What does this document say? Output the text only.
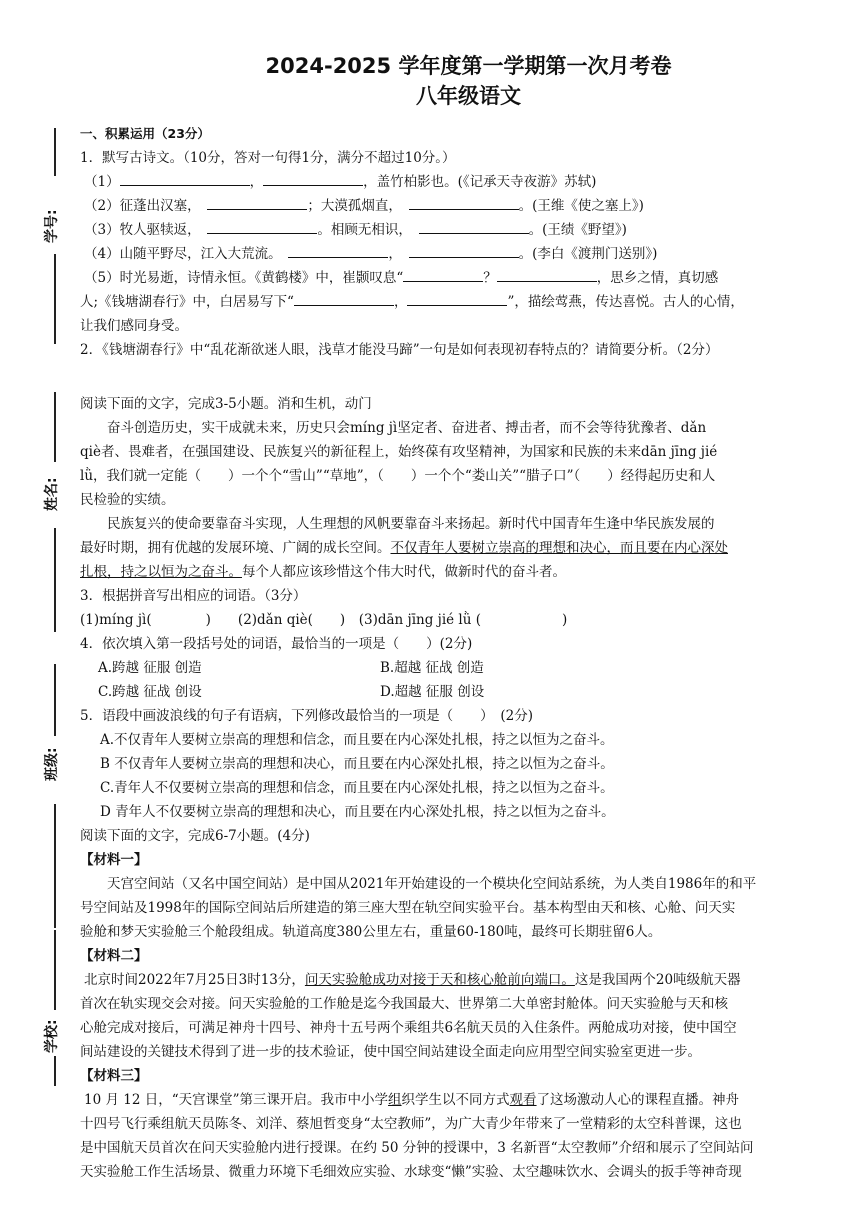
2024-2025 学年度第一学期第一次月考卷
八年级语文
学号:
姓名:
班级:
学校:
一、积累运用（23分）
1．默写古诗文。（10分，答对一句得1分，满分不超过10分。）
（1）	，	，盖竹柏影也。(《记承天寺夜游》苏轼)
（2）征蓬出汉塞，　	；大漠孤烟直，　	。(王维《使之塞上》)
（3）牧人驱犊返，　	。相顾无相识，　	。(王绩《野望》)
（4）山随平野尽，江入大荒流。　	，　	。(李白《渡荆门送别》)
（5）时光易逝，诗情永恒。《黄鹤楼》中，崔颢叹息“	？	，思乡之情，真切感
人;《钱塘湖春行》中，白居易写下“	，	”，描绘莺燕，传达喜悦。古人的心情，
让我们感同身受。
2．《钱塘湖春行》中“乱花渐欲迷人眼，浅草才能没马蹄”一句是如何表现初春特点的？请简要分析。（2分）
阅读下面的文字，完成3-5小题。消和生机，动门
奋斗创造历史，实干成就未来，历史只会míng jì坚定者、奋进者、搏击者，而不会等待犹豫者、dǎn
qiè者、畏难者，在强国建设、民族复兴的新征程上，始终葆有攻坚精神，为国家和民族的未来dān jīng jié
lǜ，我们就一定能（　　）一个个“雪山”“草地”，（　　）一个个“娄山关”“腊子口”（　　）经得起历史和人
民检验的实绩。
民族复兴的使命要靠奋斗实现，人生理想的风帆要靠奋斗来扬起。新时代中国青年生逢中华民族发展的
最好时期，拥有优越的发展环境、广阔的成长空间。不仅青年人要树立崇高的理想和决心，而且要在内心深处
扎根，持之以恒为之奋斗。每个人都应该珍惜这个伟大时代，做新时代的奋斗者。
3．根据拼音写出相应的词语。（3分）
(1)míng jì(　　　　)　　 (2)dǎn qiè(　　)　 (3)dān jīng jié lǜ (　　　　　　)
4．依次填入第一段括号处的词语，最恰当的一项是（　　）(2分)
A.跨越 征服 创造	B.超越 征战 创造
C.跨越 征战 创设	D.超越 征服 创设
5．语段中画波浪线的句子有语病，下列修改最恰当的一项是（　　）　(2分)
A.不仅青年人要树立崇高的理想和信念，而且要在内心深处扎根，持之以恒为之奋斗。
B 不仅青年人要树立崇高的理想和决心，而且要在内心深处扎根，持之以恒为之奋斗。
C.青年人不仅要树立崇高的理想和信念，而且要在内心深处扎根，持之以恒为之奋斗。
D 青年人不仅要树立崇高的理想和决心，而且要在内心深处扎根，持之以恒为之奋斗。
阅读下面的文字，完成6-7小题。(4分)
【材料一】
天宫空间站（又名中国空间站）是中国从2021年开始建设的一个模块化空间站系统，为人类自1986年的和平
号空间站及1998年的国际空间站后所建造的第三座大型在轨空间实验平台。基本构型由天和核、心舱、问天实
验舱和梦天实验舱三个舱段组成。轨道高度380公里左右，重量60-180吨，最终可长期驻留6人。
【材料二】
北京时间2022年7月25日3时13分，问天实验舱成功对接于天和核心舱前向端口。这是我国两个20吨级航天器
首次在轨实现交会对接。问天实验舱的工作舱是迄今我国最大、世界第二大单密封舱体。问天实验舱与天和核
心舱完成对接后，可满足神舟十四号、神舟十五号两个乘组共6名航天员的入住条件。两舱成功对接，使中国空
间站建设的关键技术得到了进一步的技术验证，使中国空间站建设全面走向应用型空间实验室更进一步。
【材料三】
10 月 12 日，“天宫课堂”第三课开启。我市中小学组织学生以不同方式观看了这场激动人心的课程直播。神舟
十四号飞行乘组航天员陈冬、刘洋、蔡旭哲变身“太空教师”，为广大青少年带来了一堂精彩的太空科普课，这也
是中国航天员首次在问天实验舱内进行授课。在约 50 分钟的授课中，3 名新晋“太空教师”介绍和展示了空间站问
天实验舱工作生活场景、微重力环境下毛细效应实验、水球变“懒”实验、太空趣味饮水、会调头的扳手等神奇现
